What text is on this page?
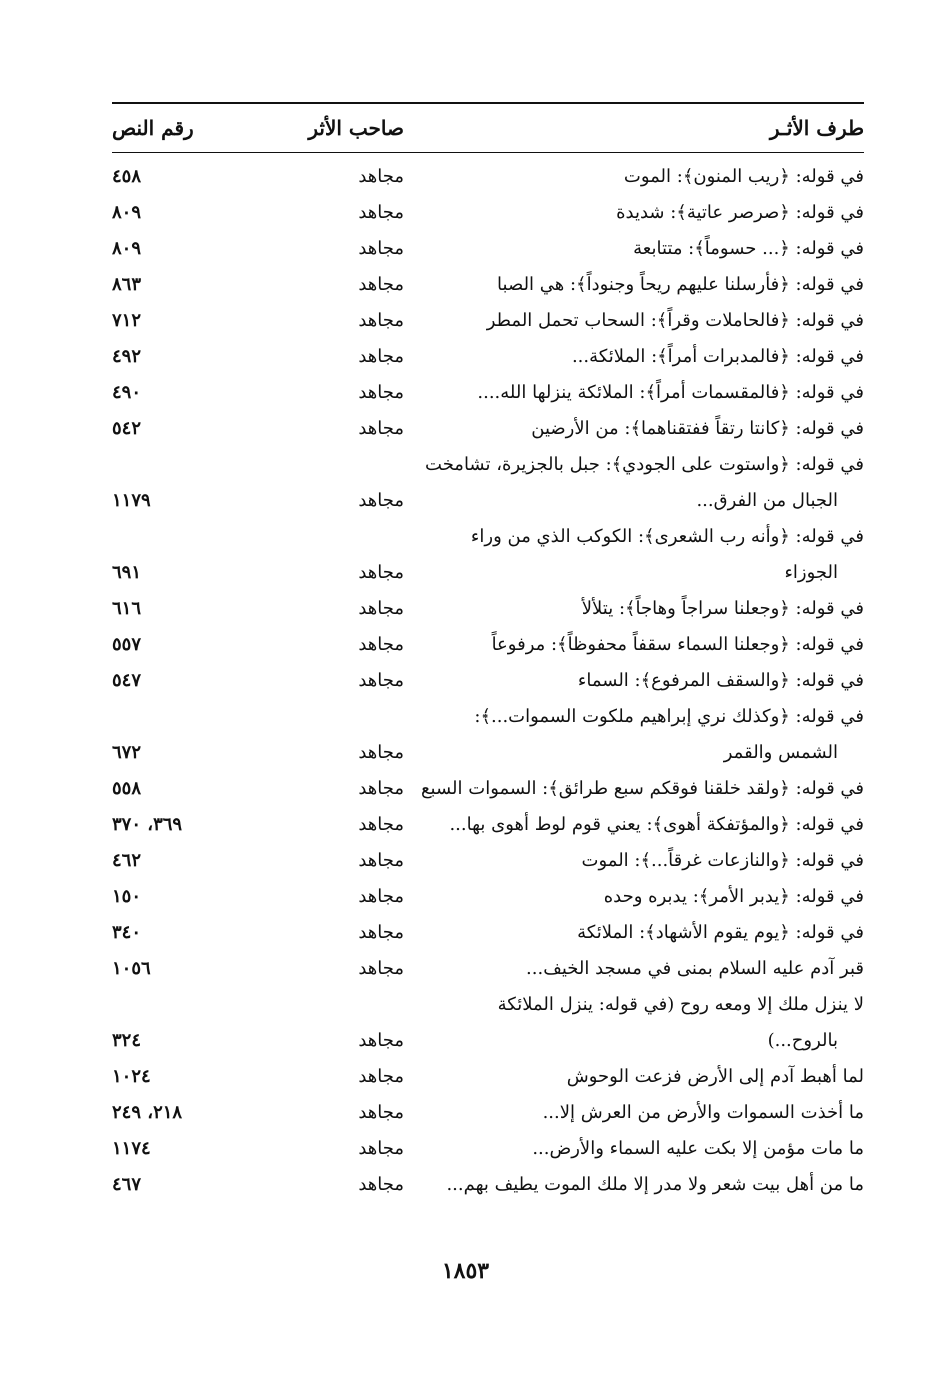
طرف الأثـر
صاحب الأثر
رقم النص
في قوله: ﴿ريب المنون﴾: الموت
مجاهد
٤٥٨
في قوله: ﴿صرصر عاتية﴾: شديدة
مجاهد
٨٠٩
في قوله: ﴿... حسوماً﴾: متتابعة
مجاهد
٨٠٩
في قوله: ﴿فأرسلنا عليهم ريحاً وجنوداً﴾: هي الصبا
مجاهد
٨٦٣
في قوله: ﴿فالحاملات وقراً﴾: السحاب تحمل المطر
مجاهد
٧١٢
في قوله: ﴿فالمدبرات أمراً﴾: الملائكة...
مجاهد
٤٩٢
في قوله: ﴿فالمقسمات أمراً﴾: الملائكة ينزلها الله....
مجاهد
٤٩٠
في قوله: ﴿كانتا رتقاً ففتقناهما﴾: من الأرضين
مجاهد
٥٤٢
في قوله: ﴿واستوت على الجودي﴾: جبل بالجزيرة، تشامخت
الجبال من الفرق...
مجاهد
١١٧٩
في قوله: ﴿وأنه رب الشعرى﴾: الكوكب الذي من وراء
الجوزاء
مجاهد
٦٩١
في قوله: ﴿وجعلنا سراجاً وهاجاً﴾: يتلألأ
مجاهد
٦١٦
في قوله: ﴿وجعلنا السماء سقفاً محفوظاً﴾: مرفوعاً
مجاهد
٥٥٧
في قوله: ﴿والسقف المرفوع﴾: السماء
مجاهد
٥٤٧
في قوله: ﴿وكذلك نري إبراهيم ملكوت السموات...﴾:
الشمس والقمر
مجاهد
٦٧٢
في قوله: ﴿ولقد خلقنا فوقكم سبع طرائق﴾: السموات السبع
مجاهد
٥٥٨
في قوله: ﴿والمؤتفكة أهوى﴾: يعني قوم لوط أهوى بها...
مجاهد
٣٦٩، ٣٧٠
في قوله: ﴿والنازعات غرقاً...﴾: الموت
مجاهد
٤٦٢
في قوله: ﴿يدبر الأمر﴾: يدبره وحده
مجاهد
١٥٠
في قوله: ﴿يوم يقوم الأشهاد﴾: الملائكة
مجاهد
٣٤٠
قبر آدم عليه السلام بمنى في مسجد الخيف...
مجاهد
١٠٥٦
لا ينزل ملك إلا ومعه روح (في قوله: ينزل الملائكة
بالروح...)
مجاهد
٣٢٤
لما أهبط آدم إلى الأرض فزعت الوحوش
مجاهد
١٠٢٤
ما أخذت السموات والأرض من العرش إلا...
مجاهد
٢١٨، ٢٤٩
ما مات مؤمن إلا بكت عليه السماء والأرض...
مجاهد
١١٧٤
ما من أهل بيت شعر ولا مدر إلا ملك الموت يطيف بهم...
مجاهد
٤٦٧
١٨٥٣
